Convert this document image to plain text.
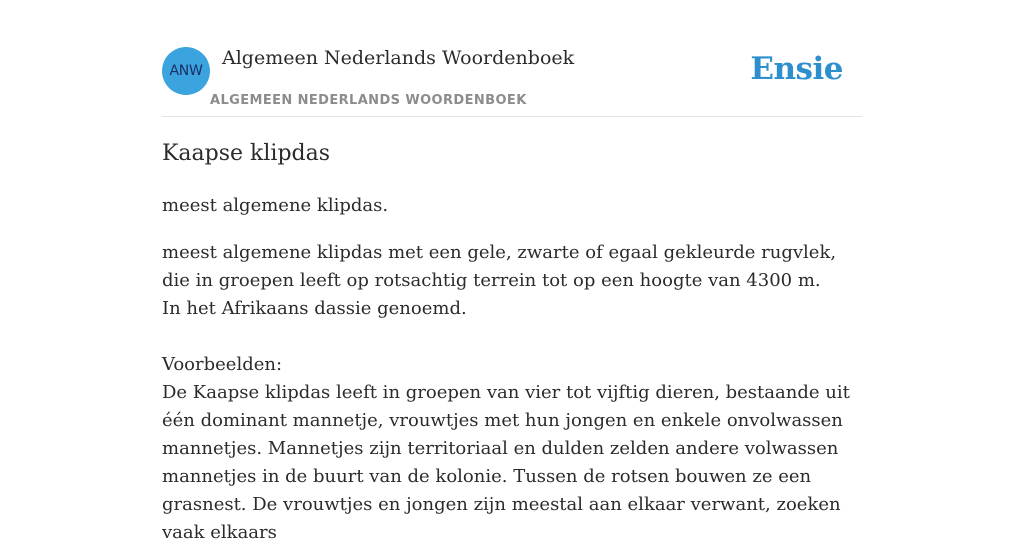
ANW
Algemeen Nederlands Woordenboek
ALGEMEEN NEDERLANDS WOORDENBOEK
Ensie
Kaapse klipdas

meest algemene klipdas.

meest algemene klipdas met een gele, zwarte of egaal gekleurde rugvlek, die in groepen leeft op rotsachtig terrein tot op een hoogte van 4300 m.

In het Afrikaans dassie genoemd.

Voorbeelden:

De Kaapse klipdas leeft in groepen van vier tot vijftig dieren, bestaande uit één dominant mannetje, vrouwtjes met hun jongen en enkele onvolwassen mannetjes. Mannetjes zijn territoriaal en dulden zelden andere volwassen mannetjes in de buurt van de kolonie. Tussen de rotsen bouwen ze een grasnest. De vrouwtjes en jongen zijn meestal aan elkaar verwant, zoeken vaak elkaars
